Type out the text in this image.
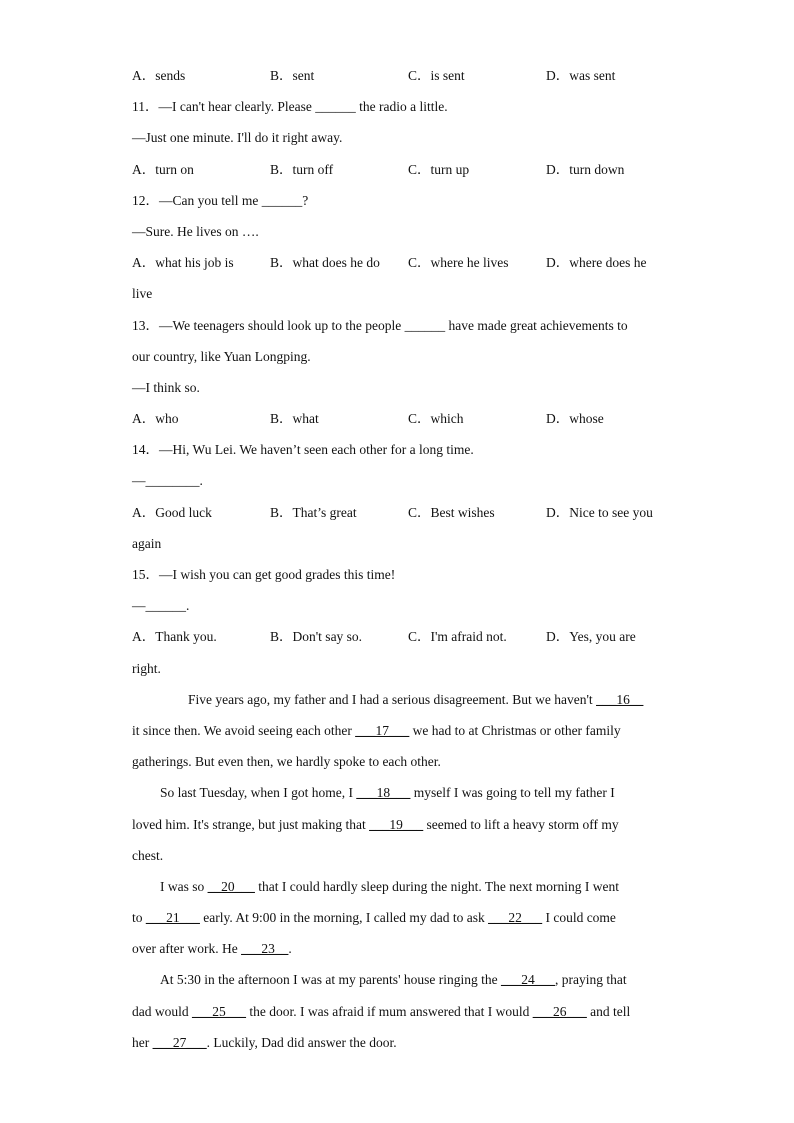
A．sends	B．sent	C．is sent	D．was sent
11．—I can't hear clearly. Please ______ the radio a little.
—Just one minute. I'll do it right away.
A．turn on	B．turn off	C．turn up	D．turn down
12．—Can you tell me ______?
—Sure. He lives on ….
A．what his job is	B．what does he do	C．where he lives	D．where does he
live
13．—We teenagers should look up to the people ______ have made great achievements to
our country, like Yuan Longping.
—I think so.
A．who	B．what	C．which	D．whose
14．—Hi, Wu Lei. We haven’t seen each other for a long time.
—________.
A．Good luck	B．That’s great	C．Best wishes	D．Nice to see you
again
15．—I wish you can get good grades this time!
—______.
A．Thank you.	B．Don't say so.	C．I'm afraid not.	D．Yes, you are
right.
Five years ago, my father and I had a serious disagreement. But we haven't ___16__
it since then. We avoid seeing each other ___17___ we had to at Christmas or other family
gatherings. But even then, we hardly spoke to each other.
So last Tuesday, when I got home, I ___18___ myself I was going to tell my father I
loved him. It's strange, but just making that ___19___ seemed to lift a heavy storm off my
chest.
I was so __20___ that I could hardly sleep during the night. The next morning I went
to ___21___ early. At 9:00 in the morning, I called my dad to ask ___22___ I could come
over after work. He ___23__.
At 5:30 in the afternoon I was at my parents' house ringing the ___24___, praying that
dad would ___25___ the door. I was afraid if mum answered that I would ___26___ and tell
her ___27___. Luckily, Dad did answer the door.
